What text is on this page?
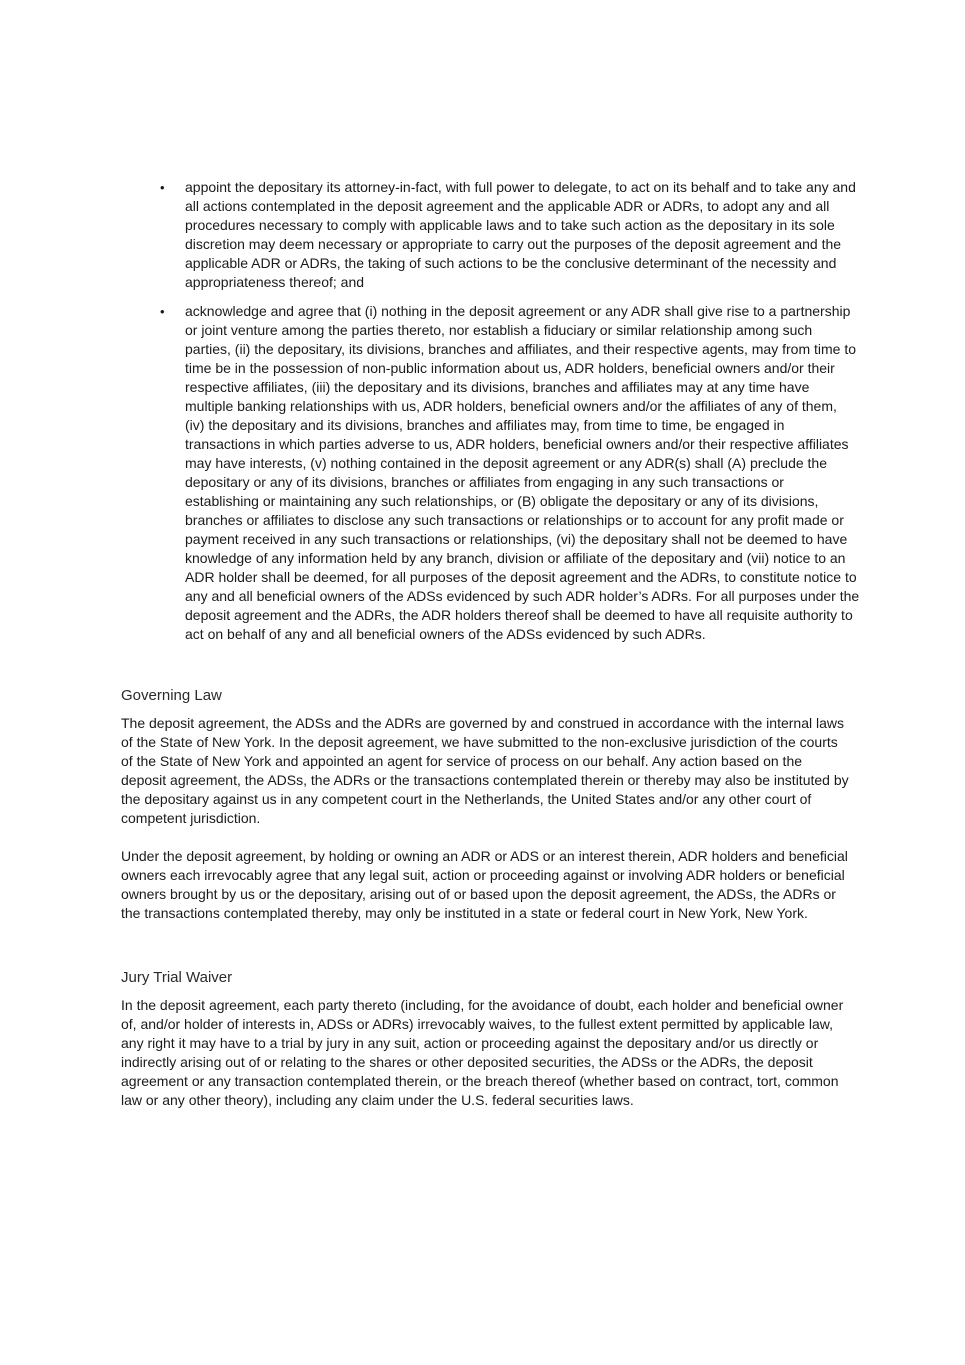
•	appoint the depositary its attorney-in-fact, with full power to delegate, to act on its behalf and to take any and all actions contemplated in the deposit agreement and the applicable ADR or ADRs, to adopt any and all procedures necessary to comply with applicable laws and to take such action as the depositary in its sole discretion may deem necessary or appropriate to carry out the purposes of the deposit agreement and the applicable ADR or ADRs, the taking of such actions to be the conclusive determinant of the necessity and appropriateness thereof; and
•	acknowledge and agree that (i) nothing in the deposit agreement or any ADR shall give rise to a partnership or joint venture among the parties thereto, nor establish a fiduciary or similar relationship among such parties, (ii) the depositary, its divisions, branches and affiliates, and their respective agents, may from time to time be in the possession of non-public information about us, ADR holders, beneficial owners and/or their respective affiliates, (iii) the depositary and its divisions, branches and affiliates may at any time have multiple banking relationships with us, ADR holders, beneficial owners and/or the affiliates of any of them, (iv) the depositary and its divisions, branches and affiliates may, from time to time, be engaged in transactions in which parties adverse to us, ADR holders, beneficial owners and/or their respective affiliates may have interests, (v) nothing contained in the deposit agreement or any ADR(s) shall (A) preclude the depositary or any of its divisions, branches or affiliates from engaging in any such transactions or establishing or maintaining any such relationships, or (B) obligate the depositary or any of its divisions, branches or affiliates to disclose any such transactions or relationships or to account for any profit made or payment received in any such transactions or relationships, (vi) the depositary shall not be deemed to have knowledge of any information held by any branch, division or affiliate of the depositary and (vii) notice to an ADR holder shall be deemed, for all purposes of the deposit agreement and the ADRs, to constitute notice to any and all beneficial owners of the ADSs evidenced by such ADR holder’s ADRs. For all purposes under the deposit agreement and the ADRs, the ADR holders thereof shall be deemed to have all requisite authority to act on behalf of any and all beneficial owners of the ADSs evidenced by such ADRs.
Governing Law

The deposit agreement, the ADSs and the ADRs are governed by and construed in accordance with the internal laws of the State of New York. In the deposit agreement, we have submitted to the non-exclusive jurisdiction of the courts of the State of New York and appointed an agent for service of process on our behalf. Any action based on the deposit agreement, the ADSs, the ADRs or the transactions contemplated therein or thereby may also be instituted by the depositary against us in any competent court in the Netherlands, the United States and/or any other court of competent jurisdiction.

Under the deposit agreement, by holding or owning an ADR or ADS or an interest therein, ADR holders and beneficial owners each irrevocably agree that any legal suit, action or proceeding against or involving ADR holders or beneficial owners brought by us or the depositary, arising out of or based upon the deposit agreement, the ADSs, the ADRs or the transactions contemplated thereby, may only be instituted in a state or federal court in New York, New York.

Jury Trial Waiver

In the deposit agreement, each party thereto (including, for the avoidance of doubt, each holder and beneficial owner of, and/or holder of interests in, ADSs or ADRs) irrevocably waives, to the fullest extent permitted by applicable law, any right it may have to a trial by jury in any suit, action or proceeding against the depositary and/or us directly or indirectly arising out of or relating to the shares or other deposited securities, the ADSs or the ADRs, the deposit agreement or any transaction contemplated therein, or the breach thereof (whether based on contract, tort, common law or any other theory), including any claim under the U.S. federal securities laws.
